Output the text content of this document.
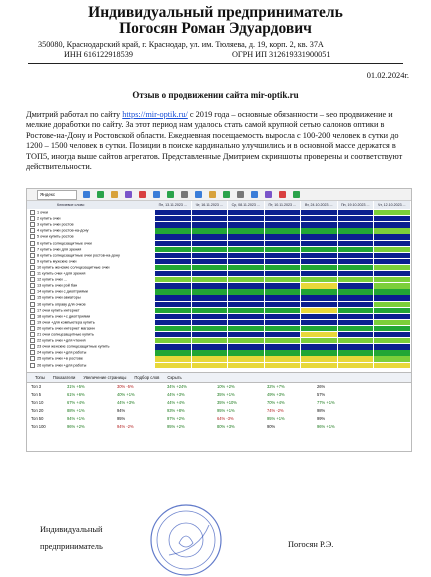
Индивидуальный предприниматель
Погосян Роман Эдуардович
350080, Краснодарский край, г. Краснодар, ул. им. Тюляева, д. 19, корп. 2, кв. 37А
ИНН 616122918539	ОГРН ИП 312619331900051
01.02.2024г.
Отзыв о продвижении сайта mir-optik.ru
Дмитрий работал по сайту https://mir-optik.ru/ с 2019 года – основные обязанности – seo продвижение и мелкие доработки по сайту. За этот период нам удалось стать самой крупной сетью салонов оптики в Ростове-на-Дону и Ростовской области. Ежедневная посещаемость выросла с 100-200 человек в сутки до 1200 – 1500 человек в сутки. Позиции в поиске кардинально улучшились и в основной массе держатся в ТОП5, иногда выше сайтов агрегатов. Представленные Дмитрием скриншоты проверены и соответствуют действительности.
Яндекс
Ключевое слово	Пн, 13.11.2023 ...	Чт, 16.11.2023 ...	Ср, 08.11.2023 ...	Пт, 10.11.2023 ...	Вт, 24.10.2023 ...	Пн, 19.10.2023 ...	Чт, 12.10.2023 ...
1 очки
2 купить очки
3 купить очки ростов
4 купить очки ростов-на-дону
5 очки купить ростов
6 купить солнцезащитные очки
7 купить очки для зрения
8 купить солнцезащитные очки ростов-на-дону
9 купить мужские очки
10 купить женские солнцезащитные очки
11 купить очки +для зрения
12 купить очки ...
13 купить очки рэй бан
14 купить очки с диоптриями
15 купить очки авиаторы
16 купить оправу для очков
17 очки купить интернет
18 купить очки +с диоптриями
19 очки +для компьютера купить
20 купить очки интернет магазин
21 очки солнцезащитные купить
22 купить очки +для чтения
23 очки женские солнцезащитные купить
24 купить очки +для работы
25 купить очки +в ростове
26 купить очки +для работы
Топы Показатели Увеличение страницы Подбор слов Скрыть
Топ 3	31% +5%	30% -5%	34% +24%	10% +2%	32% +7%	26%
Топ 5	61% +6%	40% +1%	44% +3%	35% +1%	49% +3%	57%
Топ 10	67% +4%	44% +3%	44% +4%	35% +10%	70% +4%	77% +1%
Топ 20	88% +1%	94%	93% +8%	95% +1%	74% -2%	98%
Топ 50	94% +1%	95%	97% +2%	64% -3%	95% +1%	99%
Топ 100	96% +2%	94% -2%	95% +2%	80% +3%	90%	96% +1%
Индивидуальный
предприниматель	Погосян Р.Э.
